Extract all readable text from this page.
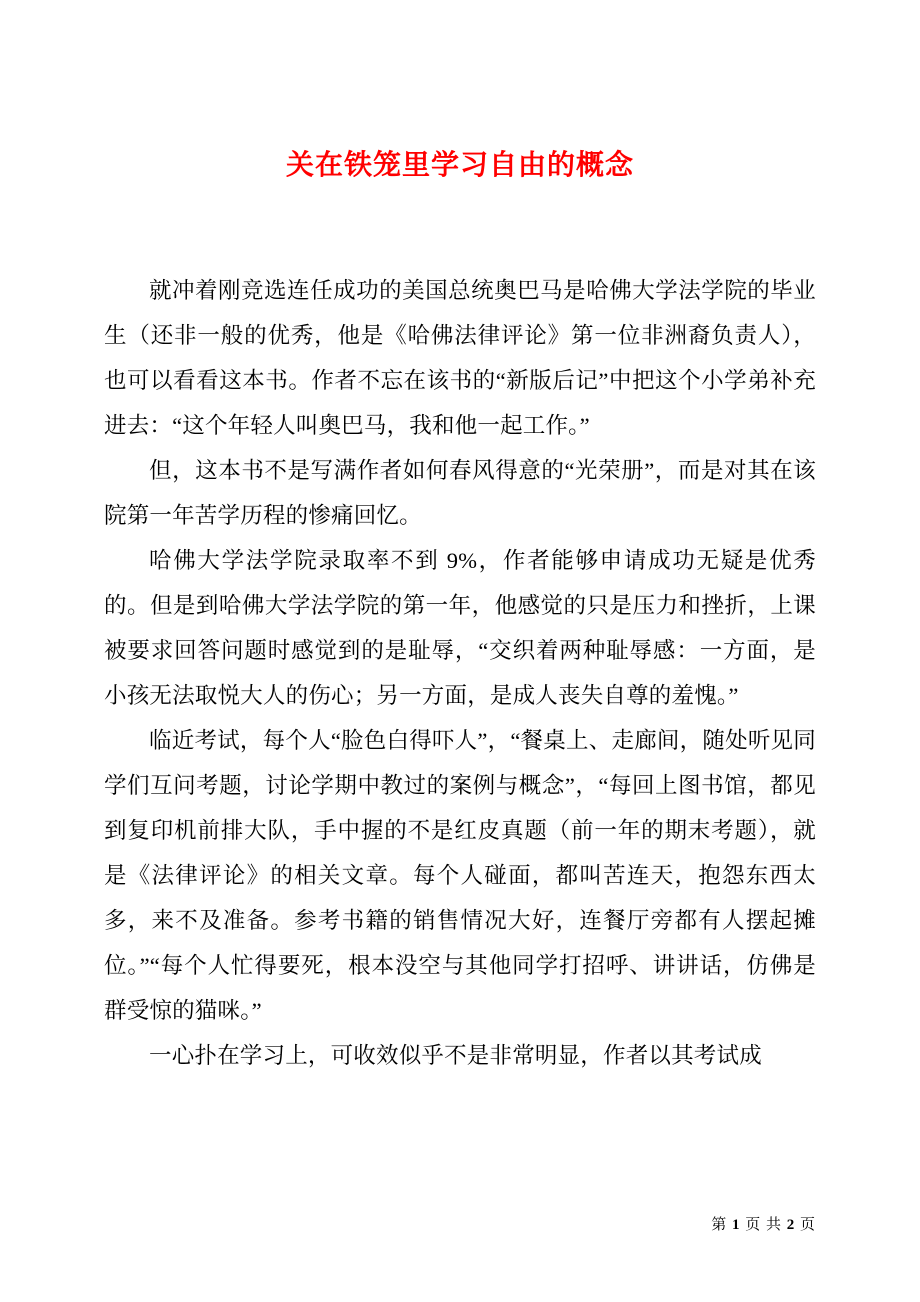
关在铁笼里学习自由的概念

就冲着刚竞选连任成功的美国总统奥巴马是哈佛大学法学院的毕业生（还非一般的优秀，他是《哈佛法律评论》第一位非洲裔负责人），也可以看看这本书。作者不忘在该书的“新版后记”中把这个小学弟补充进去：“这个年轻人叫奥巴马，我和他一起工作。”

但，这本书不是写满作者如何春风得意的“光荣册”，而是对其在该院第一年苦学历程的惨痛回忆。

哈佛大学法学院录取率不到 9%，作者能够申请成功无疑是优秀的。但是到哈佛大学法学院的第一年，他感觉的只是压力和挫折，上课被要求回答问题时感觉到的是耻辱，“交织着两种耻辱感：一方面，是小孩无法取悦大人的伤心；另一方面，是成人丧失自尊的羞愧。”

临近考试，每个人“脸色白得吓人”，“餐桌上、走廊间，随处听见同学们互问考题，讨论学期中教过的案例与概念”，“每回上图书馆，都见到复印机前排大队，手中握的不是红皮真题（前一年的期末考题），就是《法律评论》的相关文章。每个人碰面，都叫苦连天，抱怨东西太多，来不及准备。参考书籍的销售情况大好，连餐厅旁都有人摆起摊位。”“每个人忙得要死，根本没空与其他同学打招呼、讲讲话，仿佛是群受惊的猫咪。”

一心扑在学习上，可收效似乎不是非常明显，作者以其考试成

第 1 页 共 2 页
